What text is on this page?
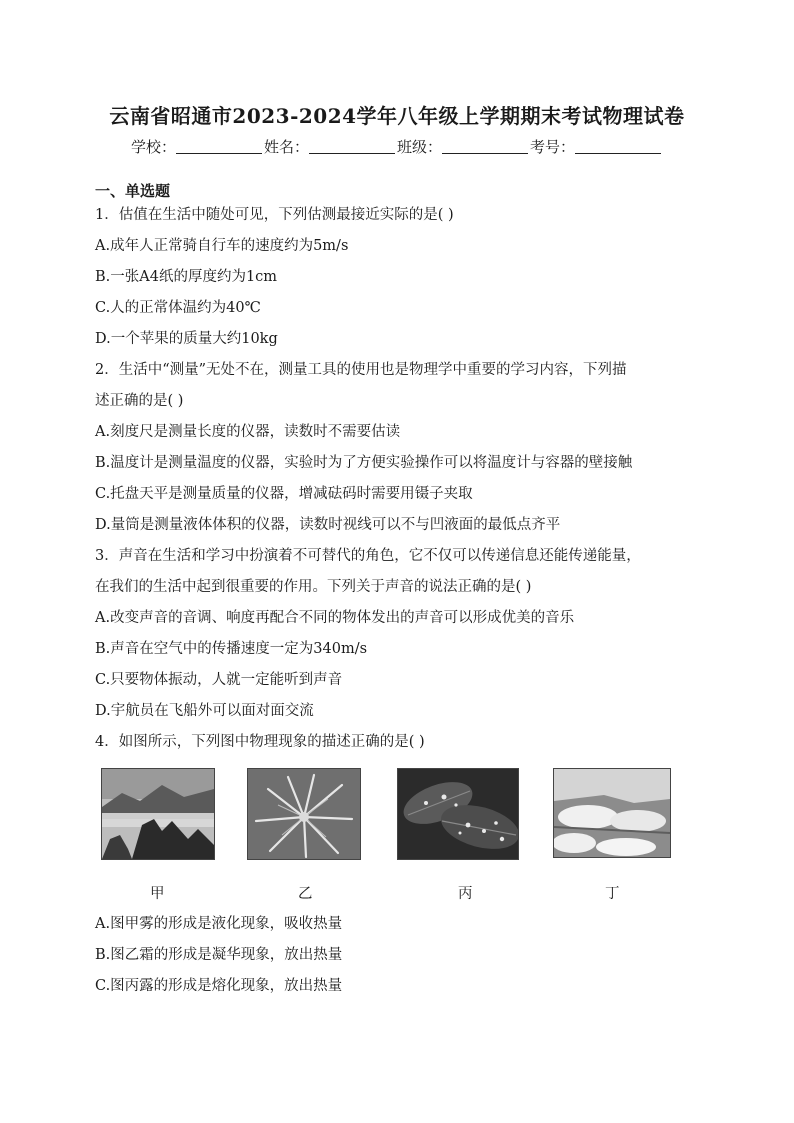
云南省昭通市2023-2024学年八年级上学期期末考试物理试卷
学校：	姓名：	班级：	考号：
一、单选题
1．估值在生活中随处可见，下列估测最接近实际的是( )
A.成年人正常骑自行车的速度约为5m/s
B.一张A4纸的厚度约为1cm
C.人的正常体温约为40℃
D.一个苹果的质量大约10kg
2．生活中“测量”无处不在，测量工具的使用也是物理学中重要的学习内容，下列描
述正确的是( )
A.刻度尺是测量长度的仪器，读数时不需要估读
B.温度计是测量温度的仪器，实验时为了方便实验操作可以将温度计与容器的壁接触
C.托盘天平是测量质量的仪器，增减砝码时需要用镊子夹取
D.量筒是测量液体体积的仪器，读数时视线可以不与凹液面的最低点齐平
3．声音在生活和学习中扮演着不可替代的角色，它不仅可以传递信息还能传递能量，
在我们的生活中起到很重要的作用。下列关于声音的说法正确的是( )
A.改变声音的音调、响度再配合不同的物体发出的声音可以形成优美的音乐
B.声音在空气中的传播速度一定为340m/s
C.只要物体振动，人就一定能听到声音
D.宇航员在飞船外可以面对面交流
4．如图所示，下列图中物理现象的描述正确的是( )
甲	乙	丙	丁
A.图甲雾的形成是液化现象，吸收热量
B.图乙霜的形成是凝华现象，放出热量
C.图丙露的形成是熔化现象，放出热量
